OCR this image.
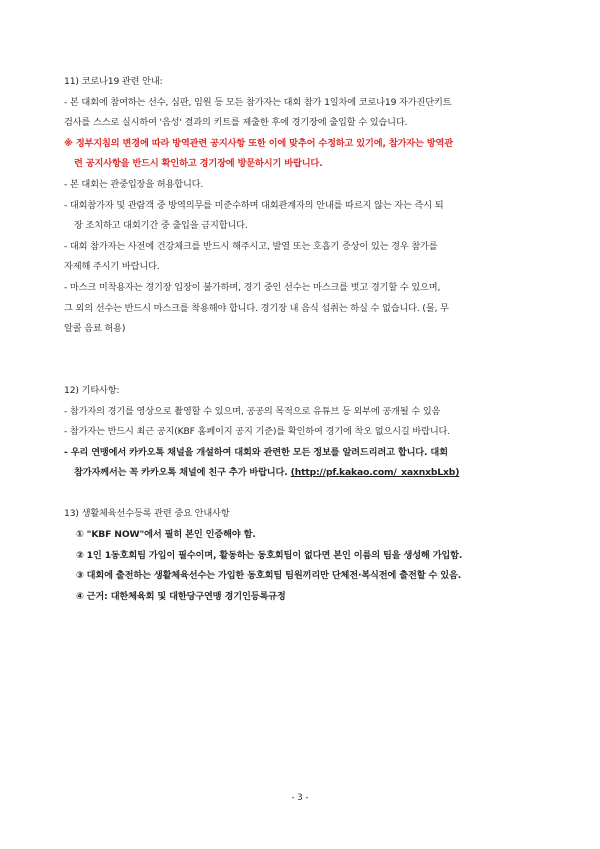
11) 코로나19 관련 안내:
- 본 대회에 참여하는 선수, 심판, 임원 등 모든 참가자는 대회 참가 1일차에 코로나19 자가진단키트
검사를 스스로 실시하여 '음성' 결과의 키트를 제출한 후에 경기장에 출입할 수 있습니다.
※ 정부지침의 변경에 따라 방역관련 공지사항 또한 이에 맞추어 수정하고 있기에, 참가자는 방역관
련 공지사항을 반드시 확인하고 경기장에 방문하시기 바랍니다.
- 본 대회는 관중입장을 허용합니다.
- 대회참가자 및 관람객 중 방역의무를 미준수하며 대회관계자의 안내를 따르지 않는 자는 즉시 퇴
장 조치하고 대회기간 중 출입을 금지합니다.
- 대회 참가자는 사전에 건강체크를 반드시 해주시고, 발열 또는 호흡기 증상이 있는 경우 참가를
자제해 주시기 바랍니다.
- 마스크 미착용자는 경기장 입장이 불가하며, 경기 중인 선수는 마스크를 벗고 경기할 수 있으며,
그 외의 선수는 반드시 마스크를 착용해야 합니다. 경기장 내 음식 섭취는 하실 수 없습니다. (물, 무
알콜 음료 허용)
12) 기타사항:
- 참가자의 경기를 영상으로 촬영할 수 있으며, 공공의 목적으로 유튜브 등 외부에 공개될 수 있음
- 참가자는 반드시 최근 공지(KBF 홈페이지 공지 기준)를 확인하여 경기에 착오 없으시길 바랍니다.
- 우리 연맹에서 카카오톡 채널을 개설하여 대회와 관련한 모든 정보를 알려드리려고 합니다. 대회
참가자께서는 꼭 카카오톡 채널에 친구 추가 바랍니다. (http://pf.kakao.com/_xaxnxbLxb)
13) 생활체육선수등록 관련 중요 안내사항
① "KBF NOW"에서 필히 본인 인증해야 함.
② 1인 1동호회팀 가입이 필수이며, 활동하는 동호회팀이 없다면 본인 이름의 팀을 생성해 가입함.
③ 대회에 출전하는 생활체육선수는 가입한 동호회팀 팀원끼리만 단체전·복식전에 출전할 수 있음.
④ 근거: 대한체육회 및 대한당구연맹 경기인등록규정
- 3 -
